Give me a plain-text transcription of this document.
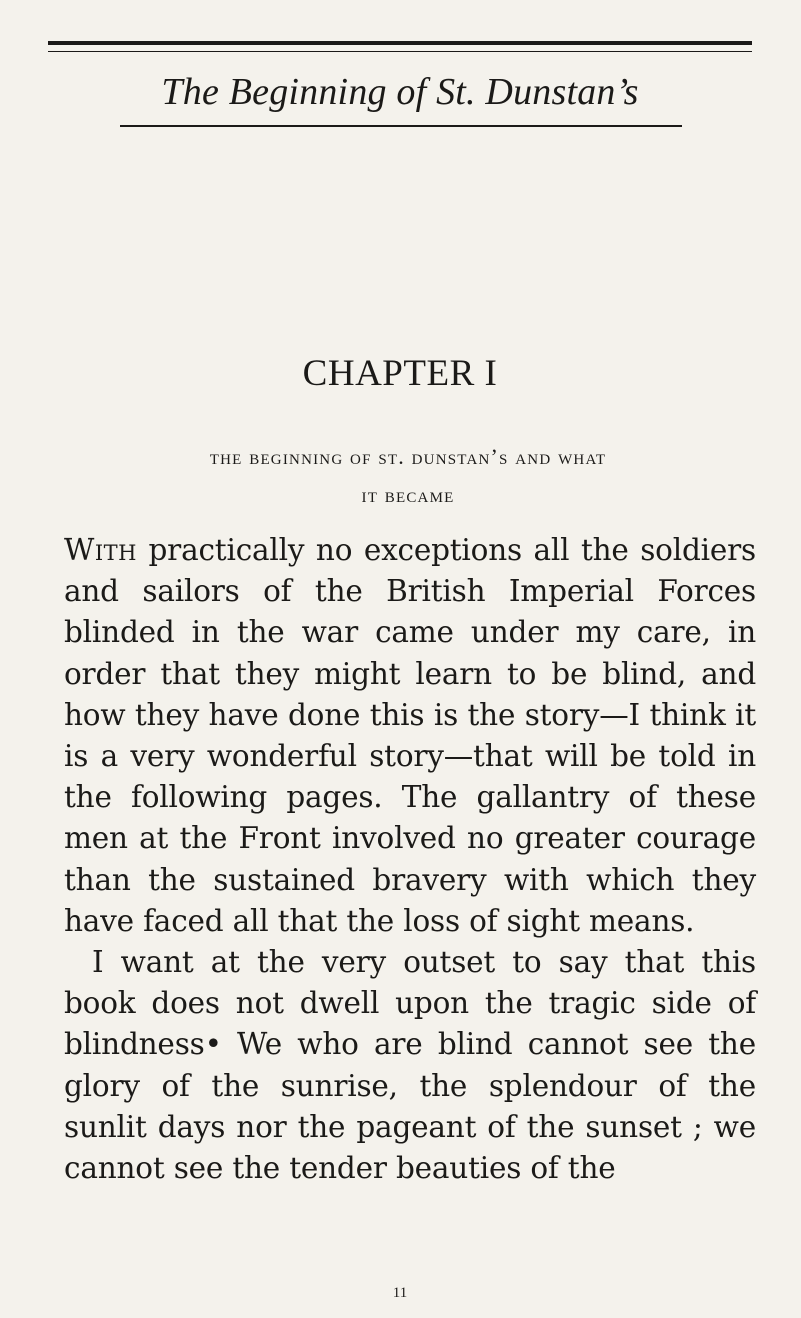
The Beginning of St. Dunstan’s
CHAPTER I
the beginning of st. dunstan’s and what
it became

With practically no exceptions all the soldiers and sailors of the British Imperial Forces blinded in the war came under my care, in order that they might learn to be blind, and how they have done this is the story—I think it is a very wonderful story—that will be told in the following pages. The gallantry of these men at the Front involved no greater courage than the sustained bravery with which they have faced all that the loss of sight means.

I want at the very outset to say that this book does not dwell upon the tragic side of blindness• We who are blind cannot see the glory of the sunrise, the splendour of the sunlit days nor the pageant of the sunset ; we cannot see the tender beauties of the

11
